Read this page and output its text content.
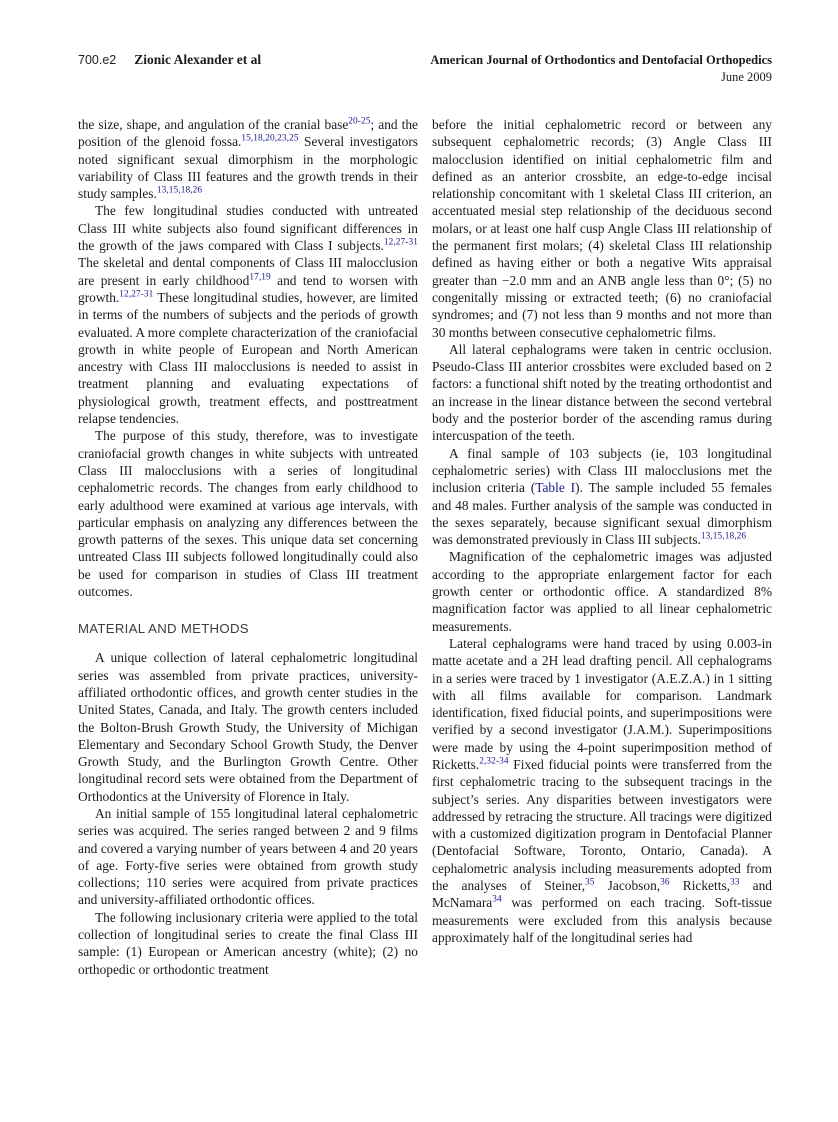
700.e2 Zionic Alexander et al	American Journal of Orthodontics and Dentofacial Orthopedics
June 2009

the size, shape, and angulation of the cranial base$^{20-25}$; and the position of the glenoid fossa.$^{15,18,20,23,25}$ Several investigators noted significant sexual dimorphism in the morphologic variability of Class III features and the growth trends in their study samples.$^{13,15,18,26}$

The few longitudinal studies conducted with untreated Class III white subjects also found significant differences in the growth of the jaws compared with Class I subjects.$^{12,27-31}$ The skeletal and dental components of Class III malocclusion are present in early childhood$^{17,19}$ and tend to worsen with growth.$^{12,27-31}$ These longitudinal studies, however, are limited in terms of the numbers of subjects and the periods of growth evaluated. A more complete characterization of the craniofacial growth in white people of European and North American ancestry with Class III malocclusions is needed to assist in treatment planning and evaluating expectations of physiological growth, treatment effects, and posttreatment relapse tendencies.

The purpose of this study, therefore, was to investigate craniofacial growth changes in white subjects with untreated Class III malocclusions with a series of longitudinal cephalometric records. The changes from early childhood to early adulthood were examined at various age intervals, with particular emphasis on analyzing any differences between the growth patterns of the sexes. This unique data set concerning untreated Class III subjects followed longitudinally could also be used for comparison in studies of Class III treatment outcomes.

MATERIAL AND METHODS

A unique collection of lateral cephalometric longitudinal series was assembled from private practices, university-affiliated orthodontic offices, and growth center studies in the United States, Canada, and Italy. The growth centers included the Bolton-Brush Growth Study, the University of Michigan Elementary and Secondary School Growth Study, the Denver Growth Study, and the Burlington Growth Centre. Other longitudinal record sets were obtained from the Department of Orthodontics at the University of Florence in Italy.

An initial sample of 155 longitudinal lateral cephalometric series was acquired. The series ranged between 2 and 9 films and covered a varying number of years between 4 and 20 years of age. Forty-five series were obtained from growth study collections; 110 series were acquired from private practices and university-affiliated orthodontic offices.

The following inclusionary criteria were applied to the total collection of longitudinal series to create the final Class III sample: (1) European or American ancestry (white); (2) no orthopedic or orthodontic treatment

before the initial cephalometric record or between any subsequent cephalometric records; (3) Angle Class III malocclusion identified on initial cephalometric film and defined as an anterior crossbite, an edge-to-edge incisal relationship concomitant with 1 skeletal Class III criterion, an accentuated mesial step relationship of the deciduous second molars, or at least one half cusp Angle Class III relationship of the permanent first molars; (4) skeletal Class III relationship defined as having either or both a negative Wits appraisal greater than −2.0 mm and an ANB angle less than 0°; (5) no congenitally missing or extracted teeth; (6) no craniofacial syndromes; and (7) not less than 9 months and not more than 30 months between consecutive cephalometric films.

All lateral cephalograms were taken in centric occlusion. Pseudo-Class III anterior crossbites were excluded based on 2 factors: a functional shift noted by the treating orthodontist and an increase in the linear distance between the second vertebral body and the posterior border of the ascending ramus during intercuspation of the teeth.

A final sample of 103 subjects (ie, 103 longitudinal cephalometric series) with Class III malocclusions met the inclusion criteria (Table I). The sample included 55 females and 48 males. Further analysis of the sample was conducted in the sexes separately, because significant sexual dimorphism was demonstrated previously in Class III subjects.$^{13,15,18,26}$

Magnification of the cephalometric images was adjusted according to the appropriate enlargement factor for each growth center or orthodontic office. A standardized 8% magnification factor was applied to all linear cephalometric measurements.

Lateral cephalograms were hand traced by using 0.003-in matte acetate and a 2H lead drafting pencil. All cephalograms in a series were traced by 1 investigator (A.E.Z.A.) in 1 sitting with all films available for comparison. Landmark identification, fixed fiducial points, and superimpositions were verified by a second investigator (J.A.M.). Superimpositions were made by using the 4-point superimposition method of Ricketts.$^{2,32-34}$ Fixed fiducial points were transferred from the first cephalometric tracing to the subsequent tracings in the subject’s series. Any disparities between investigators were addressed by retracing the structure. All tracings were digitized with a customized digitization program in Dentofacial Planner (Dentofacial Software, Toronto, Ontario, Canada). A cephalometric analysis including measurements adopted from the analyses of Steiner,$^{35}$ Jacobson,$^{36}$ Ricketts,$^{33}$ and McNamara$^{34}$ was performed on each tracing. Soft-tissue measurements were excluded from this analysis because approximately half of the longitudinal series had
